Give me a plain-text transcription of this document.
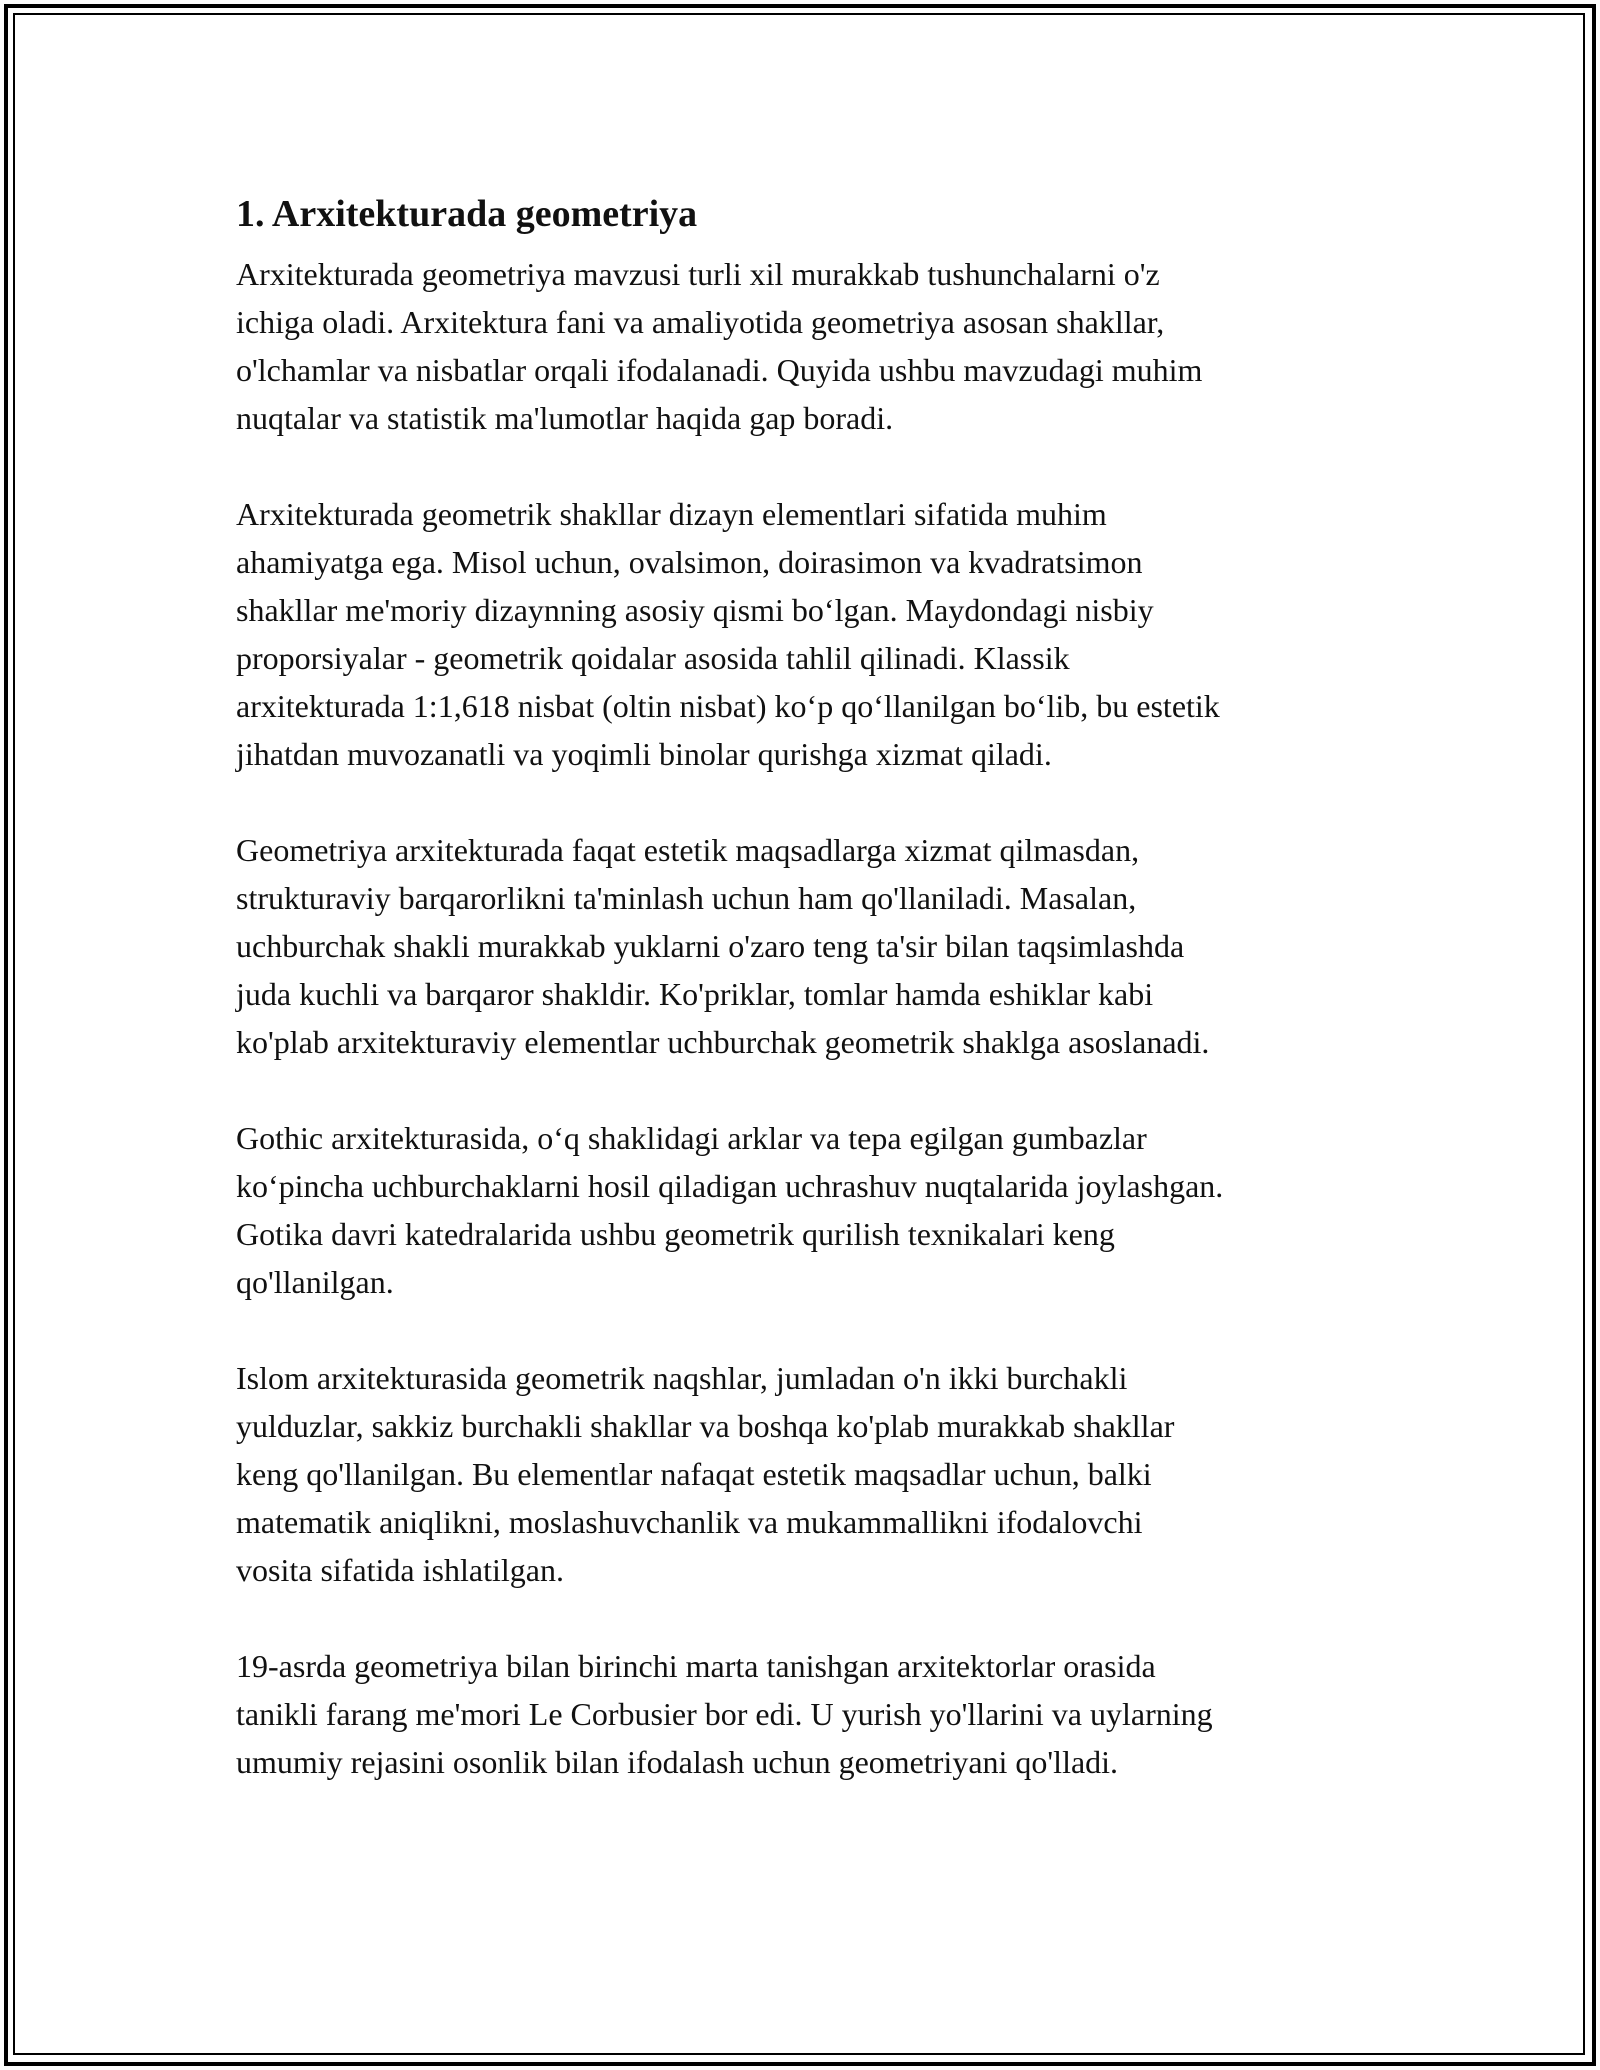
1. Arxitekturada geometriya

Arxitekturada geometriya mavzusi turli xil murakkab tushunchalarni o'z
ichiga oladi. Arxitektura fani va amaliyotida geometriya asosan shakllar,
o'lchamlar va nisbatlar orqali ifodalanadi. Quyida ushbu mavzudagi muhim
nuqtalar va statistik ma'lumotlar haqida gap boradi.

Arxitekturada geometrik shakllar dizayn elementlari sifatida muhim
ahamiyatga ega. Misol uchun, ovalsimon, doirasimon va kvadratsimon
shakllar me'moriy dizaynning asosiy qismi bo‘lgan. Maydondagi nisbiy
proporsiyalar - geometrik qoidalar asosida tahlil qilinadi. Klassik
arxitekturada 1:1,618 nisbat (oltin nisbat) ko‘p qo‘llanilgan bo‘lib, bu estetik
jihatdan muvozanatli va yoqimli binolar qurishga xizmat qiladi.

Geometriya arxitekturada faqat estetik maqsadlarga xizmat qilmasdan,
strukturaviy barqarorlikni ta'minlash uchun ham qo'llaniladi. Masalan,
uchburchak shakli murakkab yuklarni o'zaro teng ta'sir bilan taqsimlashda
juda kuchli va barqaror shakldir. Ko'priklar, tomlar hamda eshiklar kabi
ko'plab arxitekturaviy elementlar uchburchak geometrik shaklga asoslanadi.

Gothic arxitekturasida, o‘q shaklidagi arklar va tepa egilgan gumbazlar
ko‘pincha uchburchaklarni hosil qiladigan uchrashuv nuqtalarida joylashgan.
Gotika davri katedralarida ushbu geometrik qurilish texnikalari keng
qo'llanilgan.

Islom arxitekturasida geometrik naqshlar, jumladan o'n ikki burchakli
yulduzlar, sakkiz burchakli shakllar va boshqa ko'plab murakkab shakllar
keng qo'llanilgan. Bu elementlar nafaqat estetik maqsadlar uchun, balki
matematik aniqlikni, moslashuvchanlik va mukammallikni ifodalovchi
vosita sifatida ishlatilgan.

19-asrda geometriya bilan birinchi marta tanishgan arxitektorlar orasida
tanikli farang me'mori Le Corbusier bor edi. U yurish yo'llarini va uylarning
umumiy rejasini osonlik bilan ifodalash uchun geometriyani qo'lladi.
